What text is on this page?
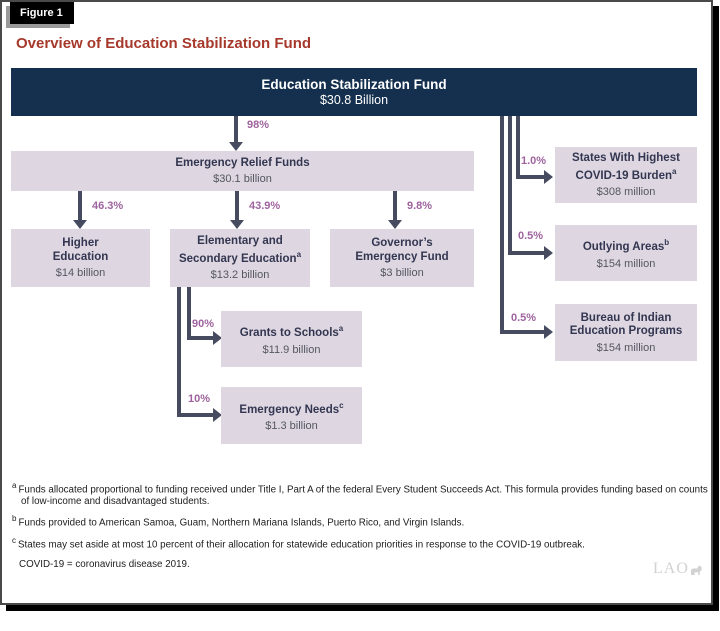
Figure 1
Overview of Education Stabilization Fund
Education Stabilization Fund
$30.8 Billion
98%
Emergency Relief Funds
$30.1 billion
46.3%	43.9%	9.8%
Higher
Education
$14 billion
Elementary and
Secondary Education$^a$
$13.2 billion
Governor’s
Emergency Fund
$3 billion
90%
10%
Grants to Schools$^a$
$11.9 billion
Emergency Needs$^c$
$1.3 billion
1.0%
0.5%
0.5%
States With Highest
COVID-19 Burden$^a$
$308 million
Outlying Areas$^b$
$154 million
Bureau of Indian
Education Programs
$154 million
$^a$ Funds allocated proportional to funding received under Title I, Part A of the federal Every Student Succeeds Act. This formula provides funding based on counts of low-income and disadvantaged students.
$^b$ Funds provided to American Samoa, Guam, Northern Mariana Islands, Puerto Rico, and Virgin Islands.
$^c$ States may set aside at most 10 percent of their allocation for statewide education priorities in response to the COVID-19 outbreak.
COVID-19 = coronavirus disease 2019.	LAO
